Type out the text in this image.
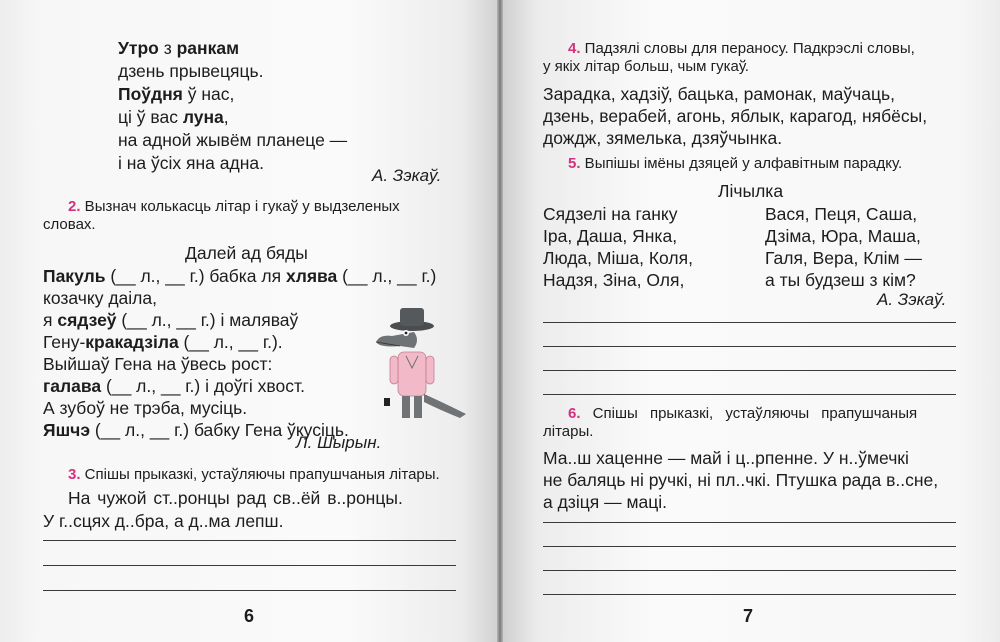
Утро з ранкам
дзень прывецяць.
Поўдня ў нас,
ці ў вас луна,
на адной жывём планеце —
і на ўсіх яна адна.
А. Зэкаў.
2. Вызнач колькасць літар і гукаў у выдзеленых
словах.
Далей ад бяды
Пакуль (__ л., __ г.) бабка ля хлява (__ л., __ г.)
козачку даіла,
я сядзеў (__ л., __ г.) і маляваў
Гену-кракадзіла (__ л., __ г.).
Выйшаў Гена на ўвесь рост:
галава (__ л., __ г.) і доўгі хвост.
А зубоў не трэба, мусіць.
Яшчэ (__ л., __ г.) бабку Гена ўкусіць.
Л. Шырын.
3. Спішы прыказкі, устаўляючы прапушчаныя літары.
На чужой ст..ронцы рад св..ёй в..ронцы.
У г..сцях д..бра, а д..ма лепш.
6
4. Падзялі словы для пераносу. Падкрэслі словы,
у якіх літар больш, чым гукаў.
Зарадка, хадзіў, бацька, рамонак, маўчаць,
дзень, верабей, агонь, яблык, карагод, нябёсы,
дождж, зямелька, дзяўчынка.
5. Выпішы імёны дзяцей у алфавітным парадку.
Лічылка
Сядзелі на ганку
Іра, Даша, Янка,
Люда, Міша, Коля,
Надзя, Зіна, Оля,
Вася, Пеця, Саша,
Дзіма, Юра, Маша,
Галя, Вера, Клім —
а ты будзеш з кім?
А. Зэкаў.
6. Спішы прыказкі, устаўляючы прапушчаныя
літары.
Ма..ш хаценне — май і ц..рпенне. У н..ўмечкі
не баляць ні ручкі, ні пл..чкі. Птушка рада в..сне,
а дзіця — маці.
7
